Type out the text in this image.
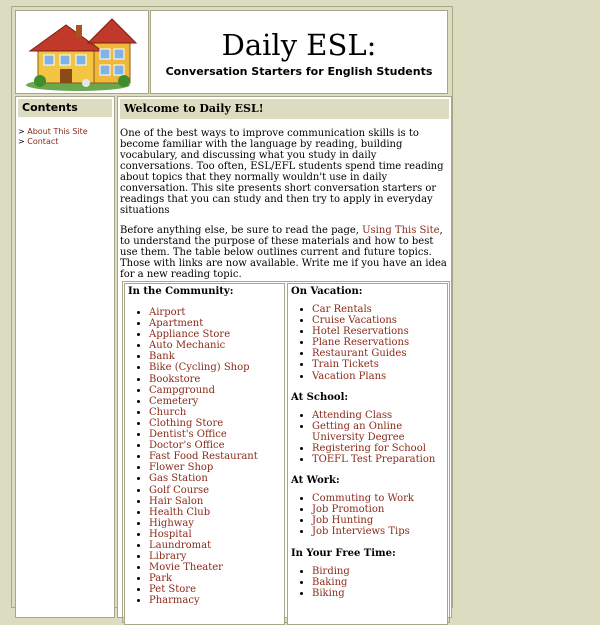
Daily ESL:
Conversation Starters for English Students
Contents
> About This Site
> Contact
Welcome to Daily ESL!

One of the best ways to improve communication skills is to become familiar with the language by reading, building vocabulary, and discussing what you study in daily conversations. Too often, ESL/EFL students spend time reading about topics that they normally wouldn't use in daily conversation. This site presents short conversation starters or readings that you can study and then try to apply in everyday situations

Before anything else, be sure to read the page, Using This Site, to understand the purpose of these materials and how to best use them. The table below outlines current and future topics. Those with links are now available. Write me if you have an idea for a new reading topic.

In the Community:
• Airport
• Apartment
• Appliance Store
• Auto Mechanic
• Bank
• Bike (Cycling) Shop
• Bookstore
• Campground
• Cemetery
• Church
• Clothing Store
• Dentist's Office
• Doctor's Office
• Fast Food Restaurant
• Flower Shop
• Gas Station
• Golf Course
• Hair Salon
• Health Club
• Highway
• Hospital
• Laundromat
• Library
• Movie Theater
• Park
• Pet Store
• Pharmacy
On Vacation:
• Car Rentals
• Cruise Vacations
• Hotel Reservations
• Plane Reservations
• Restaurant Guides
• Train Tickets
• Vacation Plans
At School:
• Attending Class
• Getting an Online University Degree
• Registering for School
• TOEFL Test Preparation
At Work:
• Commuting to Work
• Job Promotion
• Job Hunting
• Job Interviews Tips
In Your Free Time:
• Birding
• Baking
• Biking
